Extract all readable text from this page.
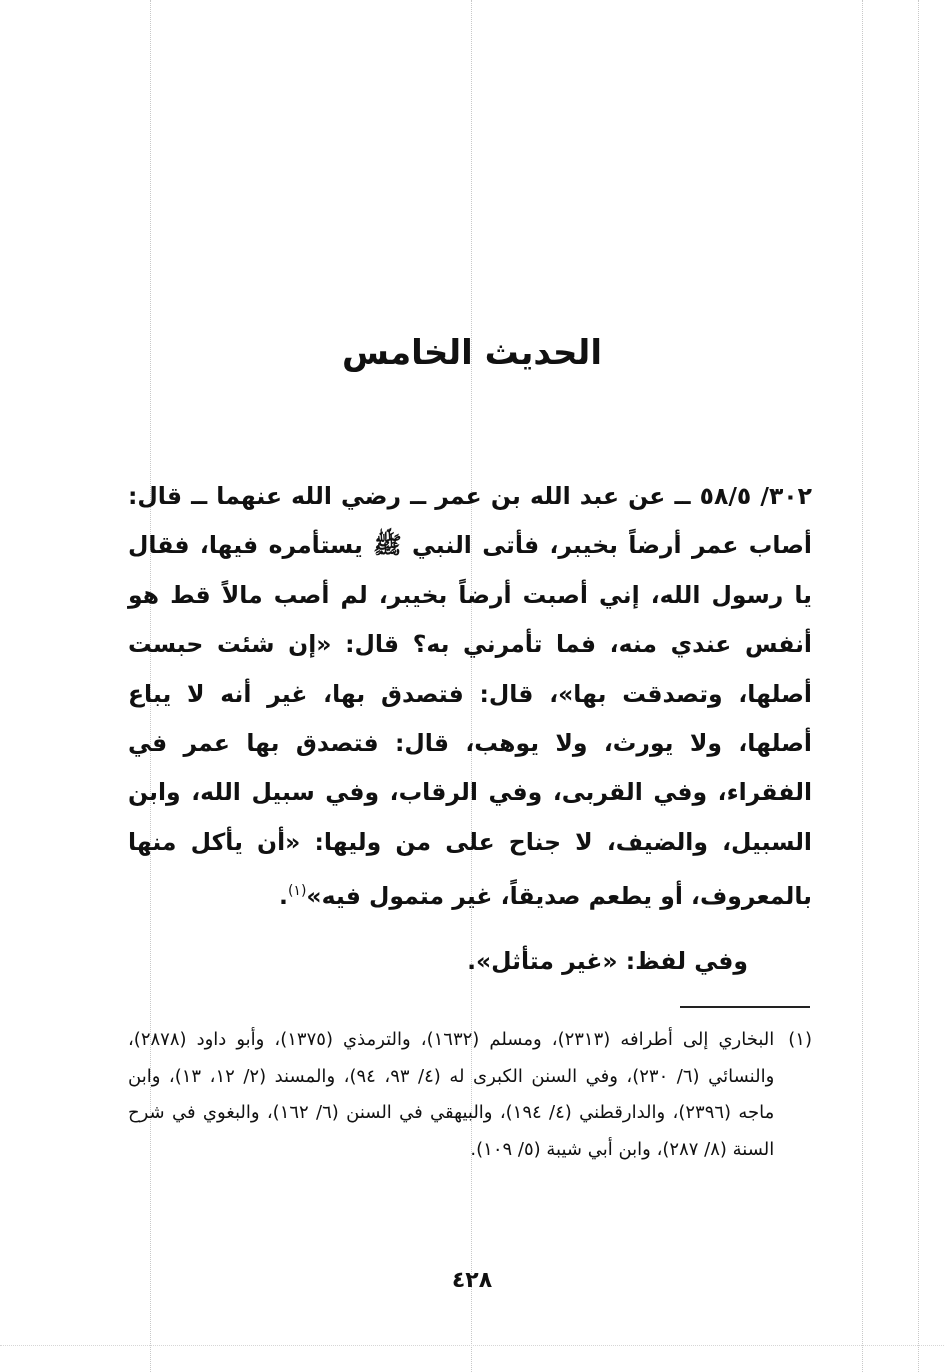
الحديث الخامس
٣٠٢/ ٥٨/٥ ــ عن عبد الله بن عمر ــ رضي الله عنهما ــ قال: أصاب عمر أرضاً بخيبر، فأتى النبي ﷺ يستأمره فيها، فقال يا رسول الله، إني أصبت أرضاً بخيبر، لم أصب مالاً قط هو أنفس عندي منه، فما تأمرني به؟ قال: «إن شئت حبست أصلها، وتصدقت بها»، قال: فتصدق بها، غير أنه لا يباع أصلها، ولا يورث، ولا يوهب، قال: فتصدق بها عمر في الفقراء، وفي القربى، وفي الرقاب، وفي سبيل الله، وابن السبيل، والضيف، لا جناح على من وليها: «أن يأكل منها بالمعروف، أو يطعم صديقاً، غير متمول فيه»$^{(١)}$.
وفي لفظ: «غير متأثل».
(١)
البخاري إلى أطرافه (٢٣١٣)، ومسلم (١٦٣٢)، والترمذي (١٣٧٥)، وأبو داود (٢٨٧٨)، والنسائي (٦/ ٢٣٠)، وفي السنن الكبرى له (٤/ ٩٣، ٩٤)، والمسند (٢/ ١٢، ١٣)، وابن ماجه (٢٣٩٦)، والدارقطني (٤/ ١٩٤)، والبيهقي في السنن (٦/ ١٦٢)، والبغوي في شرح السنة (٨/ ٢٨٧)، وابن أبي شيبة (٥/ ١٠٩).
٤٢٨
